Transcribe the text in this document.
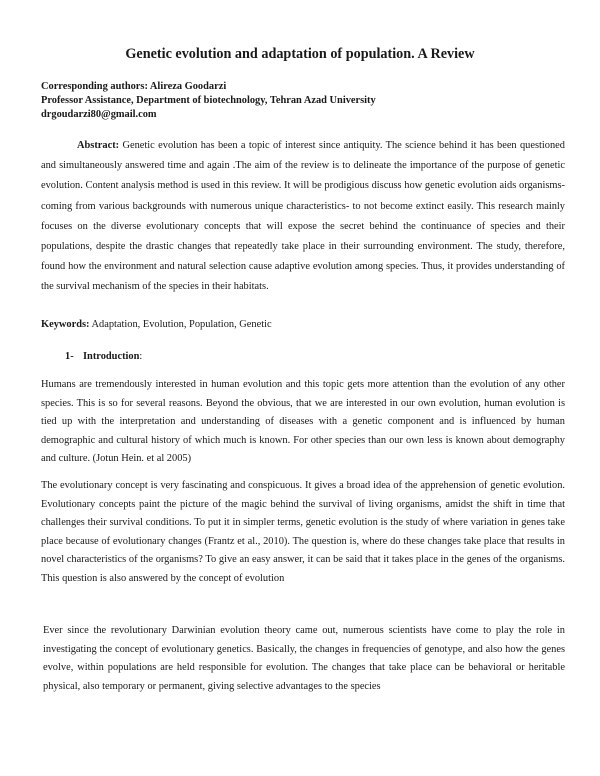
Genetic evolution and adaptation of population. A Review
Corresponding authors: Alireza Goodarzi
Professor Assistance, Department of biotechnology, Tehran Azad University
drgoudarzi80@gmail.com

Abstract: Genetic evolution has been a topic of interest since antiquity. The science behind it has been questioned and simultaneously answered time and again .The aim of the review is to delineate the importance of the purpose of genetic evolution. Content analysis method is used in this review. It will be prodigious discuss how genetic evolution aids organisms- coming from various backgrounds with numerous unique characteristics- to not become extinct easily. This research mainly focuses on the diverse evolutionary concepts that will expose the secret behind the continuance of species and their populations, despite the drastic changes that repeatedly take place in their surrounding environment. The study, therefore, found how the environment and natural selection cause adaptive evolution among species. Thus, it provides understanding of the survival mechanism of the species in their habitats.

Keywords: Adaptation, Evolution, Population, Genetic
1- Introduction:

Humans are tremendously interested in human evolution and this topic gets more attention than the evolution of any other species. This is so for several reasons. Beyond the obvious, that we are interested in our own evolution, human evolution is tied up with the interpretation and understanding of diseases with a genetic component and is influenced by human demographic and cultural history of which much is known. For other species than our own less is known about demography and culture. (Jotun Hein. et al 2005)

The evolutionary concept is very fascinating and conspicuous. It gives a broad idea of the apprehension of genetic evolution. Evolutionary concepts paint the picture of the magic behind the survival of living organisms, amidst the shift in time that challenges their survival conditions. To put it in simpler terms, genetic evolution is the study of where variation in genes take place because of evolutionary changes (Frantz et al., 2010). The question is, where do these changes take place that results in novel characteristics of the organisms? To give an easy answer, it can be said that it takes place in the genes of the organisms. This question is also answered by the concept of evolution

Ever since the revolutionary Darwinian evolution theory came out, numerous scientists have come to play the role in investigating the concept of evolutionary genetics. Basically, the changes in frequencies of genotype, and also how the genes evolve, within populations are held responsible for evolution. The changes that take place can be behavioral or heritable physical, also temporary or permanent, giving selective advantages to the species
